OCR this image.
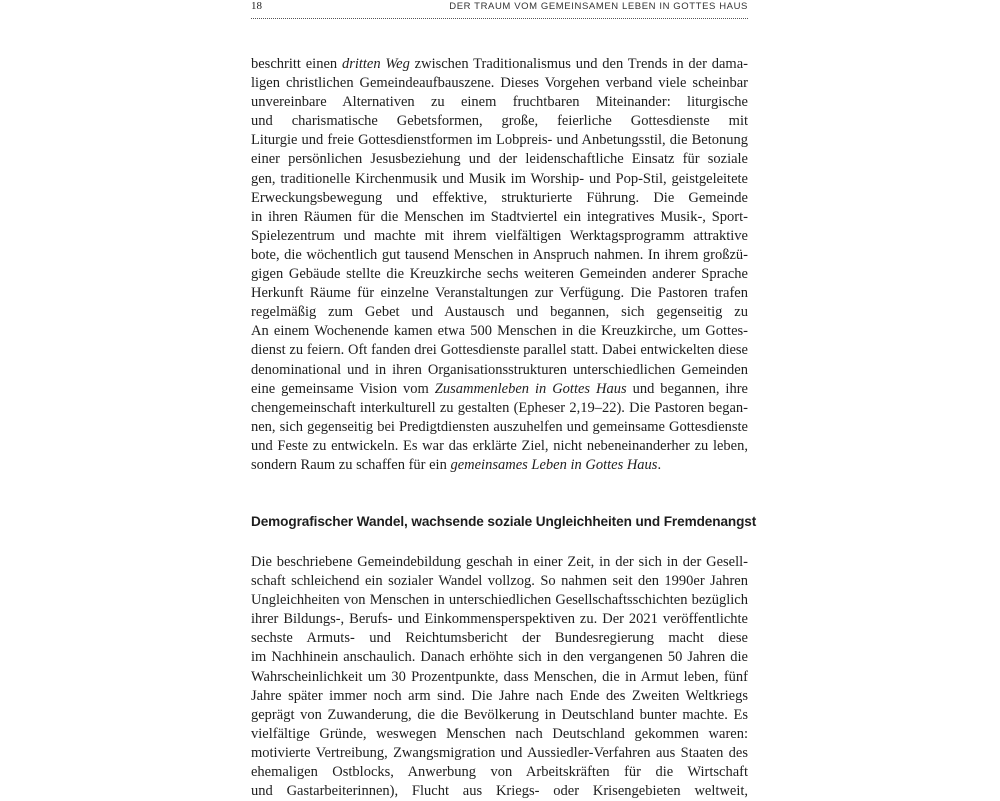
18	DER TRAUM VOM GEMEINSAMEN LEBEN IN GOTTES HAUS
beschritt einen dritten Weg zwischen Traditionalismus und den Trends in der dama-
ligen christlichen Gemeindeaufbauszene. Dieses Vorgehen verband viele scheinbar
unvereinbare Alternativen zu einem fruchtbaren Miteinander: liturgische
und charismatische Gebetsformen, große, feierliche Gottesdienste mit
Liturgie und freie Gottesdienstformen im Lobpreis- und Anbetungsstil, die Betonung
einer persönlichen Jesusbeziehung und der leidenschaftliche Einsatz für soziale
gen, traditionelle Kirchenmusik und Musik im Worship- und Pop-Stil, geistgeleitete
Erweckungsbewegung und effektive, strukturierte Führung. Die Gemeinde
in ihren Räumen für die Menschen im Stadtviertel ein integratives Musik-, Sport-
Spielezentrum und machte mit ihrem vielfältigen Werktagsprogramm attraktive
bote, die wöchentlich gut tausend Menschen in Anspruch nahmen. In ihrem großzü-
gigen Gebäude stellte die Kreuzkirche sechs weiteren Gemeinden anderer Sprache
Herkunft Räume für einzelne Veranstaltungen zur Verfügung. Die Pastoren trafen
regelmäßig zum Gebet und Austausch und begannen, sich gegenseitig zu
An einem Wochenende kamen etwa 500 Menschen in die Kreuzkirche, um Gottes-
dienst zu feiern. Oft fanden drei Gottesdienste parallel statt. Dabei entwickelten diese
denominational und in ihren Organisationsstrukturen unterschiedlichen Gemeinden
eine gemeinsame Vision vom Zusammenleben in Gottes Haus und begannen, ihre
chengemeinschaft interkulturell zu gestalten (Epheser 2,19–22). Die Pastoren began-
nen, sich gegenseitig bei Predigtdiensten auszuhelfen und gemeinsame Gottesdienste
und Feste zu entwickeln. Es war das erklärte Ziel, nicht nebeneinanderher zu leben,
sondern Raum zu schaffen für ein gemeinsames Leben in Gottes Haus.
Demografischer Wandel, wachsende soziale Ungleichheiten und Fremdenangst
Die beschriebene Gemeindebildung geschah in einer Zeit, in der sich in der Gesell-
schaft schleichend ein sozialer Wandel vollzog. So nahmen seit den 1990er Jahren
Ungleichheiten von Menschen in unterschiedlichen Gesellschaftsschichten bezüglich
ihrer Bildungs-, Berufs- und Einkommensperspektiven zu. Der 2021 veröffentlichte
sechste Armuts- und Reichtumsbericht der Bundesregierung macht diese
im Nachhinein anschaulich. Danach erhöhte sich in den vergangenen 50 Jahren die
Wahrscheinlichkeit um 30 Prozentpunkte, dass Menschen, die in Armut leben, fünf
Jahre später immer noch arm sind. Die Jahre nach Ende des Zweiten Weltkriegs
geprägt von Zuwanderung, die die Bevölkerung in Deutschland bunter machte. Es
vielfältige Gründe, weswegen Menschen nach Deutschland gekommen waren:
motivierte Vertreibung, Zwangsmigration und Aussiedler-Verfahren aus Staaten des
ehemaligen Ostblocks, Anwerbung von Arbeitskräften für die Wirtschaft
und Gastarbeiterinnen), Flucht aus Kriegs- oder Krisengebieten weltweit,
